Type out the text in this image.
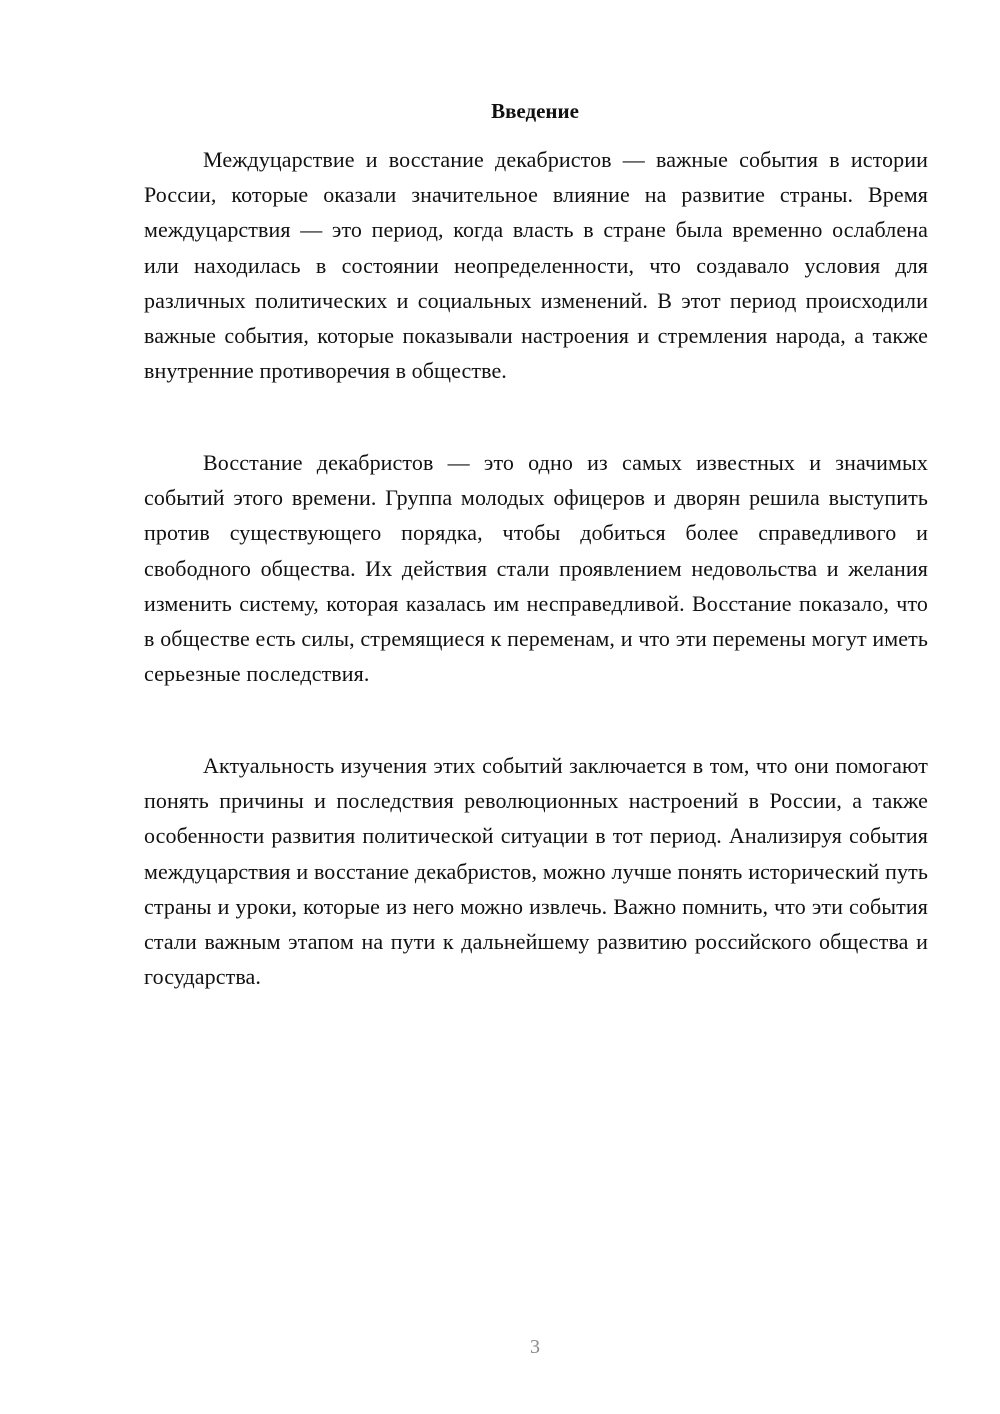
Введение

Междуцарствие и восстание декабристов — важные события в истории России, которые оказали значительное влияние на развитие страны. Время междуцарствия — это период, когда власть в стране была временно ослаблена или находилась в состоянии неопределенности, что создавало условия для различных политических и социальных изменений. В этот период происходили важные события, которые показывали настроения и стремления народа, а также внутренние противоречия в обществе.

Восстание декабристов — это одно из самых известных и значимых событий этого времени. Группа молодых офицеров и дворян решила выступить против существующего порядка, чтобы добиться более справедливого и свободного общества. Их действия стали проявлением недовольства и желания изменить систему, которая казалась им несправедливой. Восстание показало, что в обществе есть силы, стремящиеся к переменам, и что эти перемены могут иметь серьезные последствия.

Актуальность изучения этих событий заключается в том, что они помогают понять причины и последствия революционных настроений в России, а также особенности развития политической ситуации в тот период. Анализируя события междуцарствия и восстание декабристов, можно лучше понять исторический путь страны и уроки, которые из него можно извлечь. Важно помнить, что эти события стали важным этапом на пути к дальнейшему развитию российского общества и государства.

3
